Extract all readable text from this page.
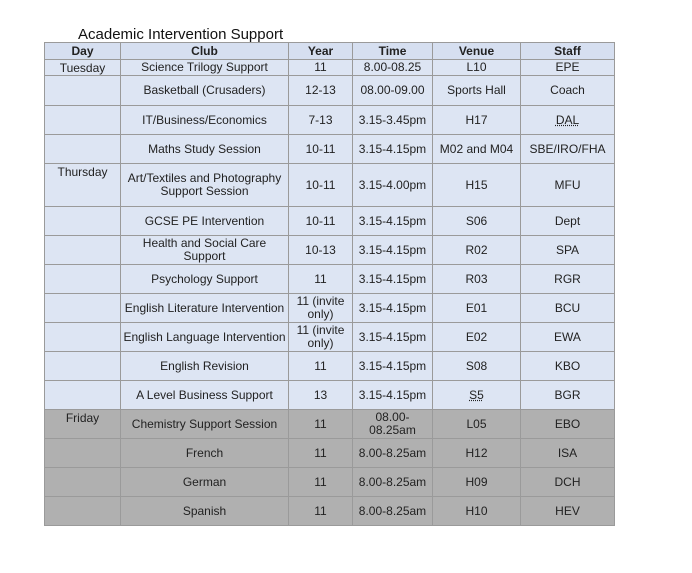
Academic Intervention Support
Day	Club	Year	Time	Venue	Staff
Tuesday	Science Trilogy Support	11	8.00-08.25	L10	EPE
	Basketball (Crusaders)	12-13	08.00-09.00	Sports Hall	Coach
	IT/Business/Economics	7-13	3.15-3.45pm	H17	DAL
	Maths Study Session	10-11	3.15-4.15pm	M02 and M04	SBE/IRO/FHA
Thursday	Art/Textiles and Photography Support Session	10-11	3.15-4.00pm	H15	MFU
	GCSE PE Intervention	10-11	3.15-4.15pm	S06	Dept
	Health and Social Care Support	10-13	3.15-4.15pm	R02	SPA
	Psychology Support	11	3.15-4.15pm	R03	RGR
	English Literature Intervention	11 (invite only)	3.15-4.15pm	E01	BCU
	English Language Intervention	11 (invite only)	3.15-4.15pm	E02	EWA
	English Revision	11	3.15-4.15pm	S08	KBO
	A Level Business Support	13	3.15-4.15pm	S5	BGR
Friday	Chemistry Support Session	11	08.00-08.25am	L05	EBO
	French	11	8.00-8.25am	H12	ISA
	German	11	8.00-8.25am	H09	DCH
	Spanish	11	8.00-8.25am	H10	HEV
